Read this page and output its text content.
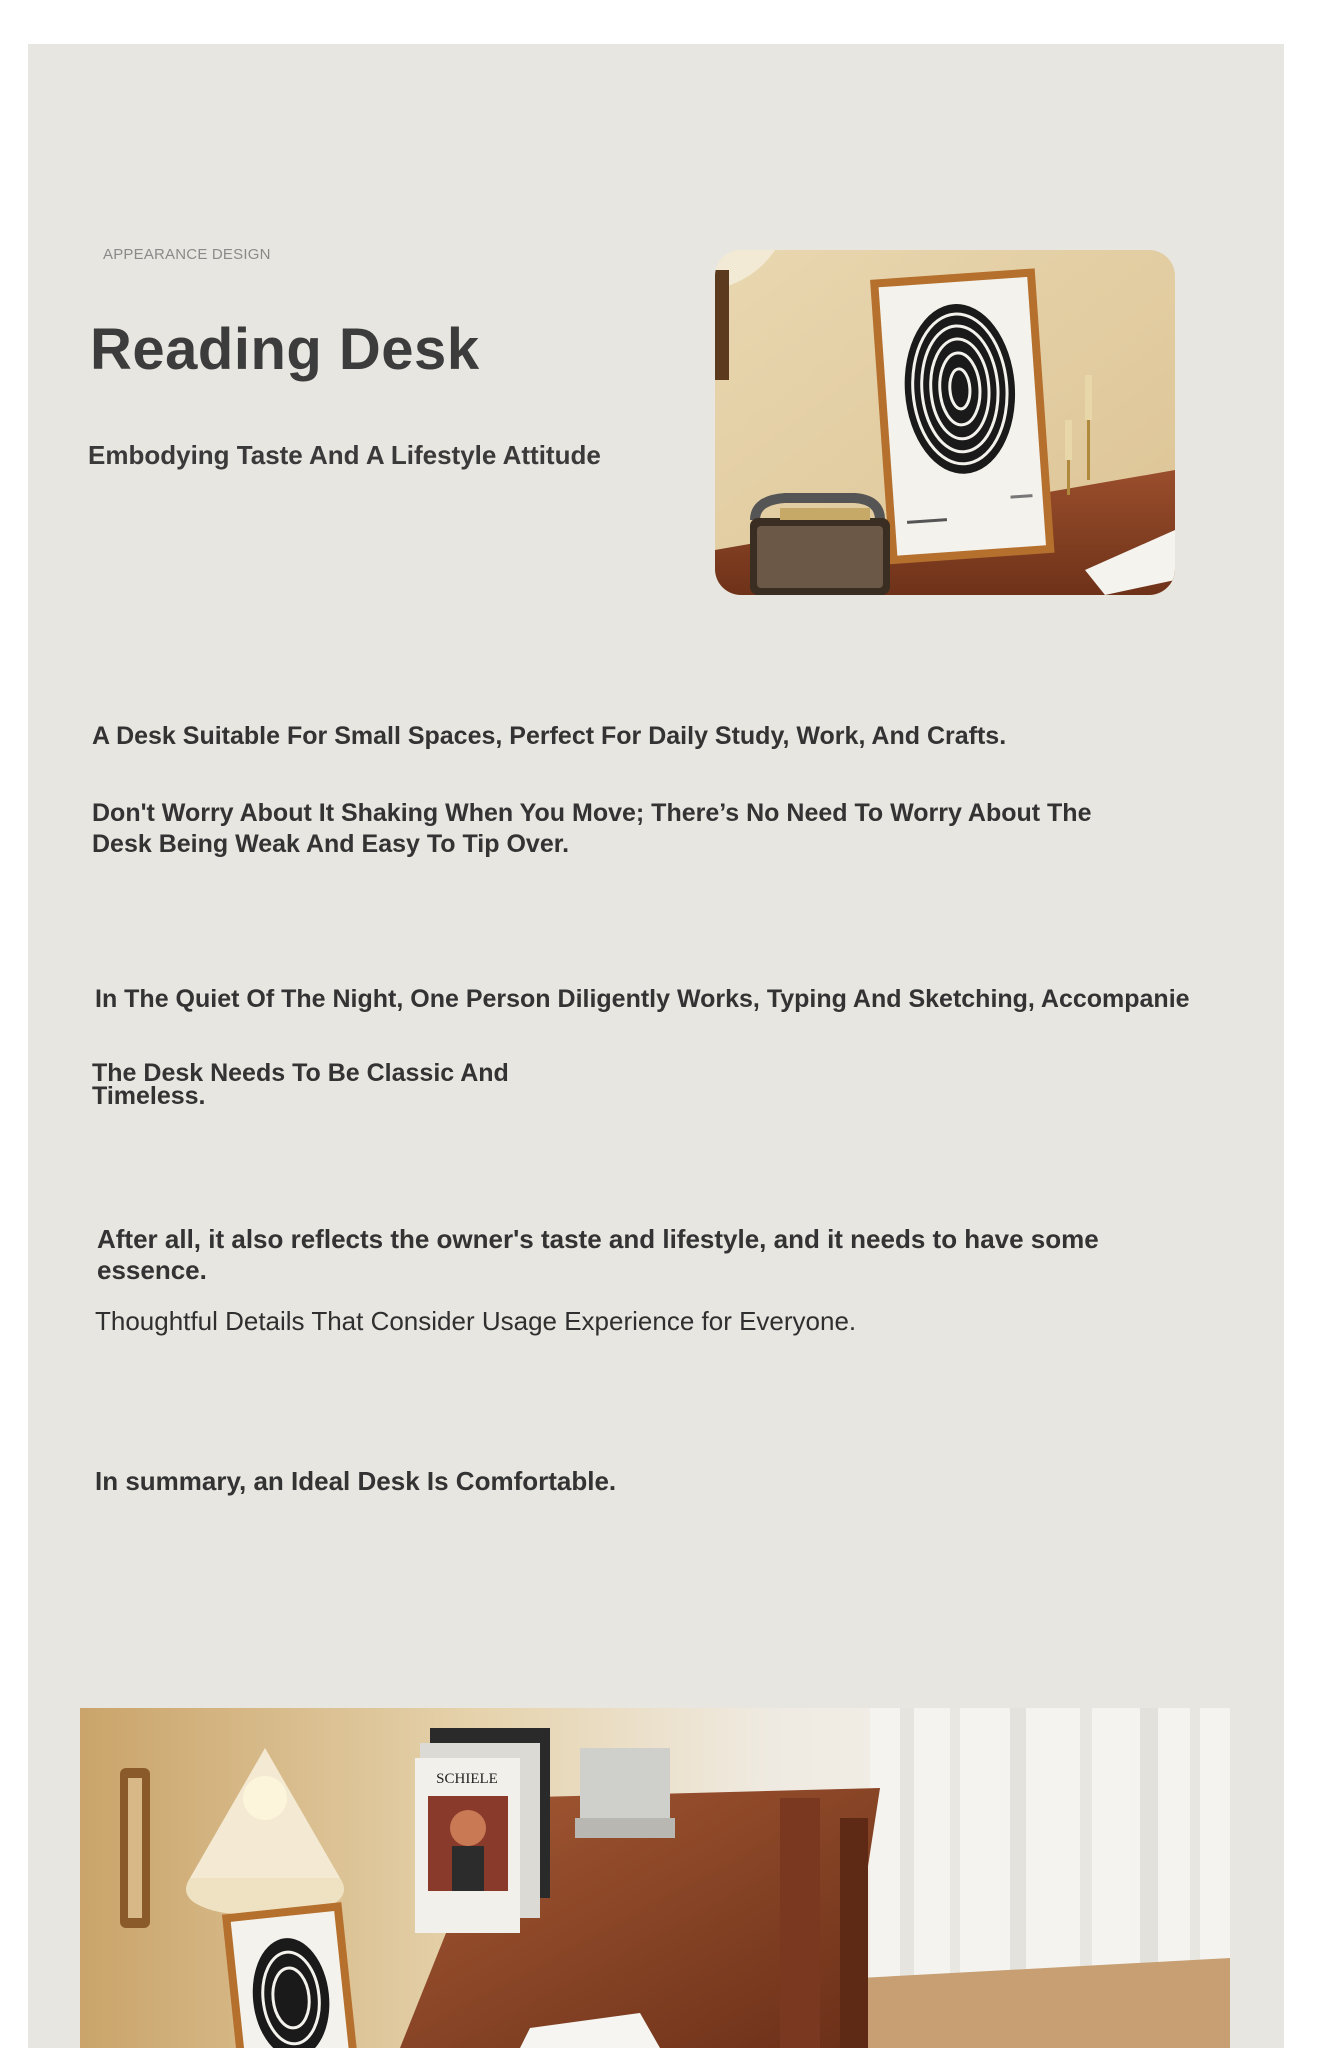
APPEARANCE DESIGN

Reading Desk

Embodying Taste And A Lifestyle Attitude

A Desk Suitable For Small Spaces, Perfect For Daily Study, Work, And Crafts.

Don't Worry About It Shaking When You Move; There’s No Need To Worry About The Desk Being Weak And Easy To Tip Over.

In The Quiet Of The Night, One Person Diligently Works, Typing And Sketching, Accompanie

The Desk Needs To Be Classic And Timeless.

After all, it also reflects the owner's taste and lifestyle, and it needs to have some essence.

Thoughtful Details That Consider Usage Experience for Everyone.

In summary, an Ideal Desk Is Comfortable.

SCHIELE
